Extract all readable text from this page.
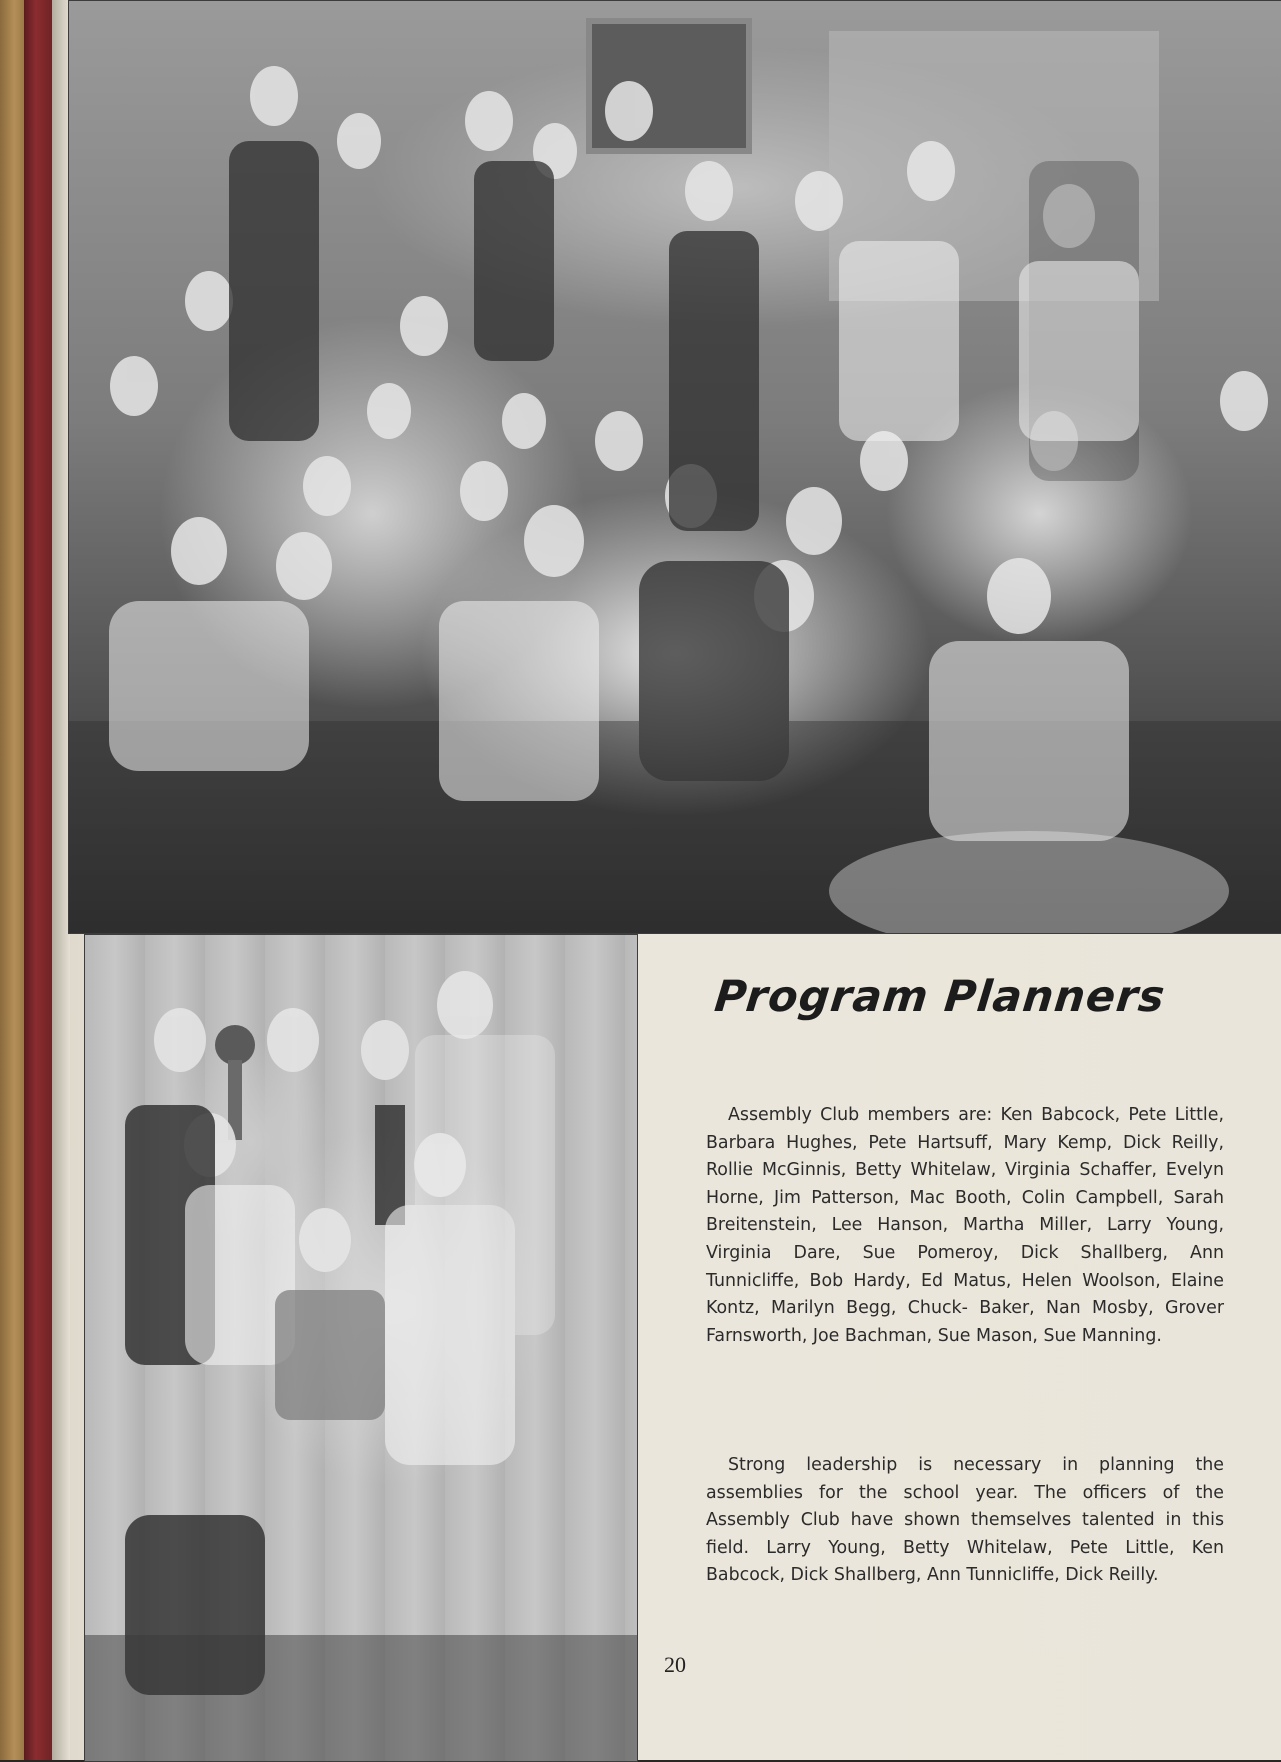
Program Planners

Assembly Club members are: Ken Babcock, Pete Little, Barbara Hughes, Pete Hartsuff, Mary Kemp, Dick Reilly, Rollie McGinnis, Betty Whitelaw, Virginia Schaffer, Evelyn Horne, Jim Patterson, Mac Booth, Colin Campbell, Sarah Breitenstein, Lee Hanson, Martha Miller, Larry Young, Virginia Dare, Sue Pomeroy, Dick Shallberg, Ann Tunnicliffe, Bob Hardy, Ed Matus, Helen Woolson, Elaine Kontz, Marilyn Begg, Chuck- Baker, Nan Mosby, Grover Farnsworth, Joe Bachman, Sue Mason, Sue Manning.

Strong leadership is necessary in planning the assemblies for the school year. The officers of the Assembly Club have shown themselves talented in this field. Larry Young, Betty Whitelaw, Pete Little, Ken Babcock, Dick Shallberg, Ann Tunnicliffe, Dick Reilly.

20
